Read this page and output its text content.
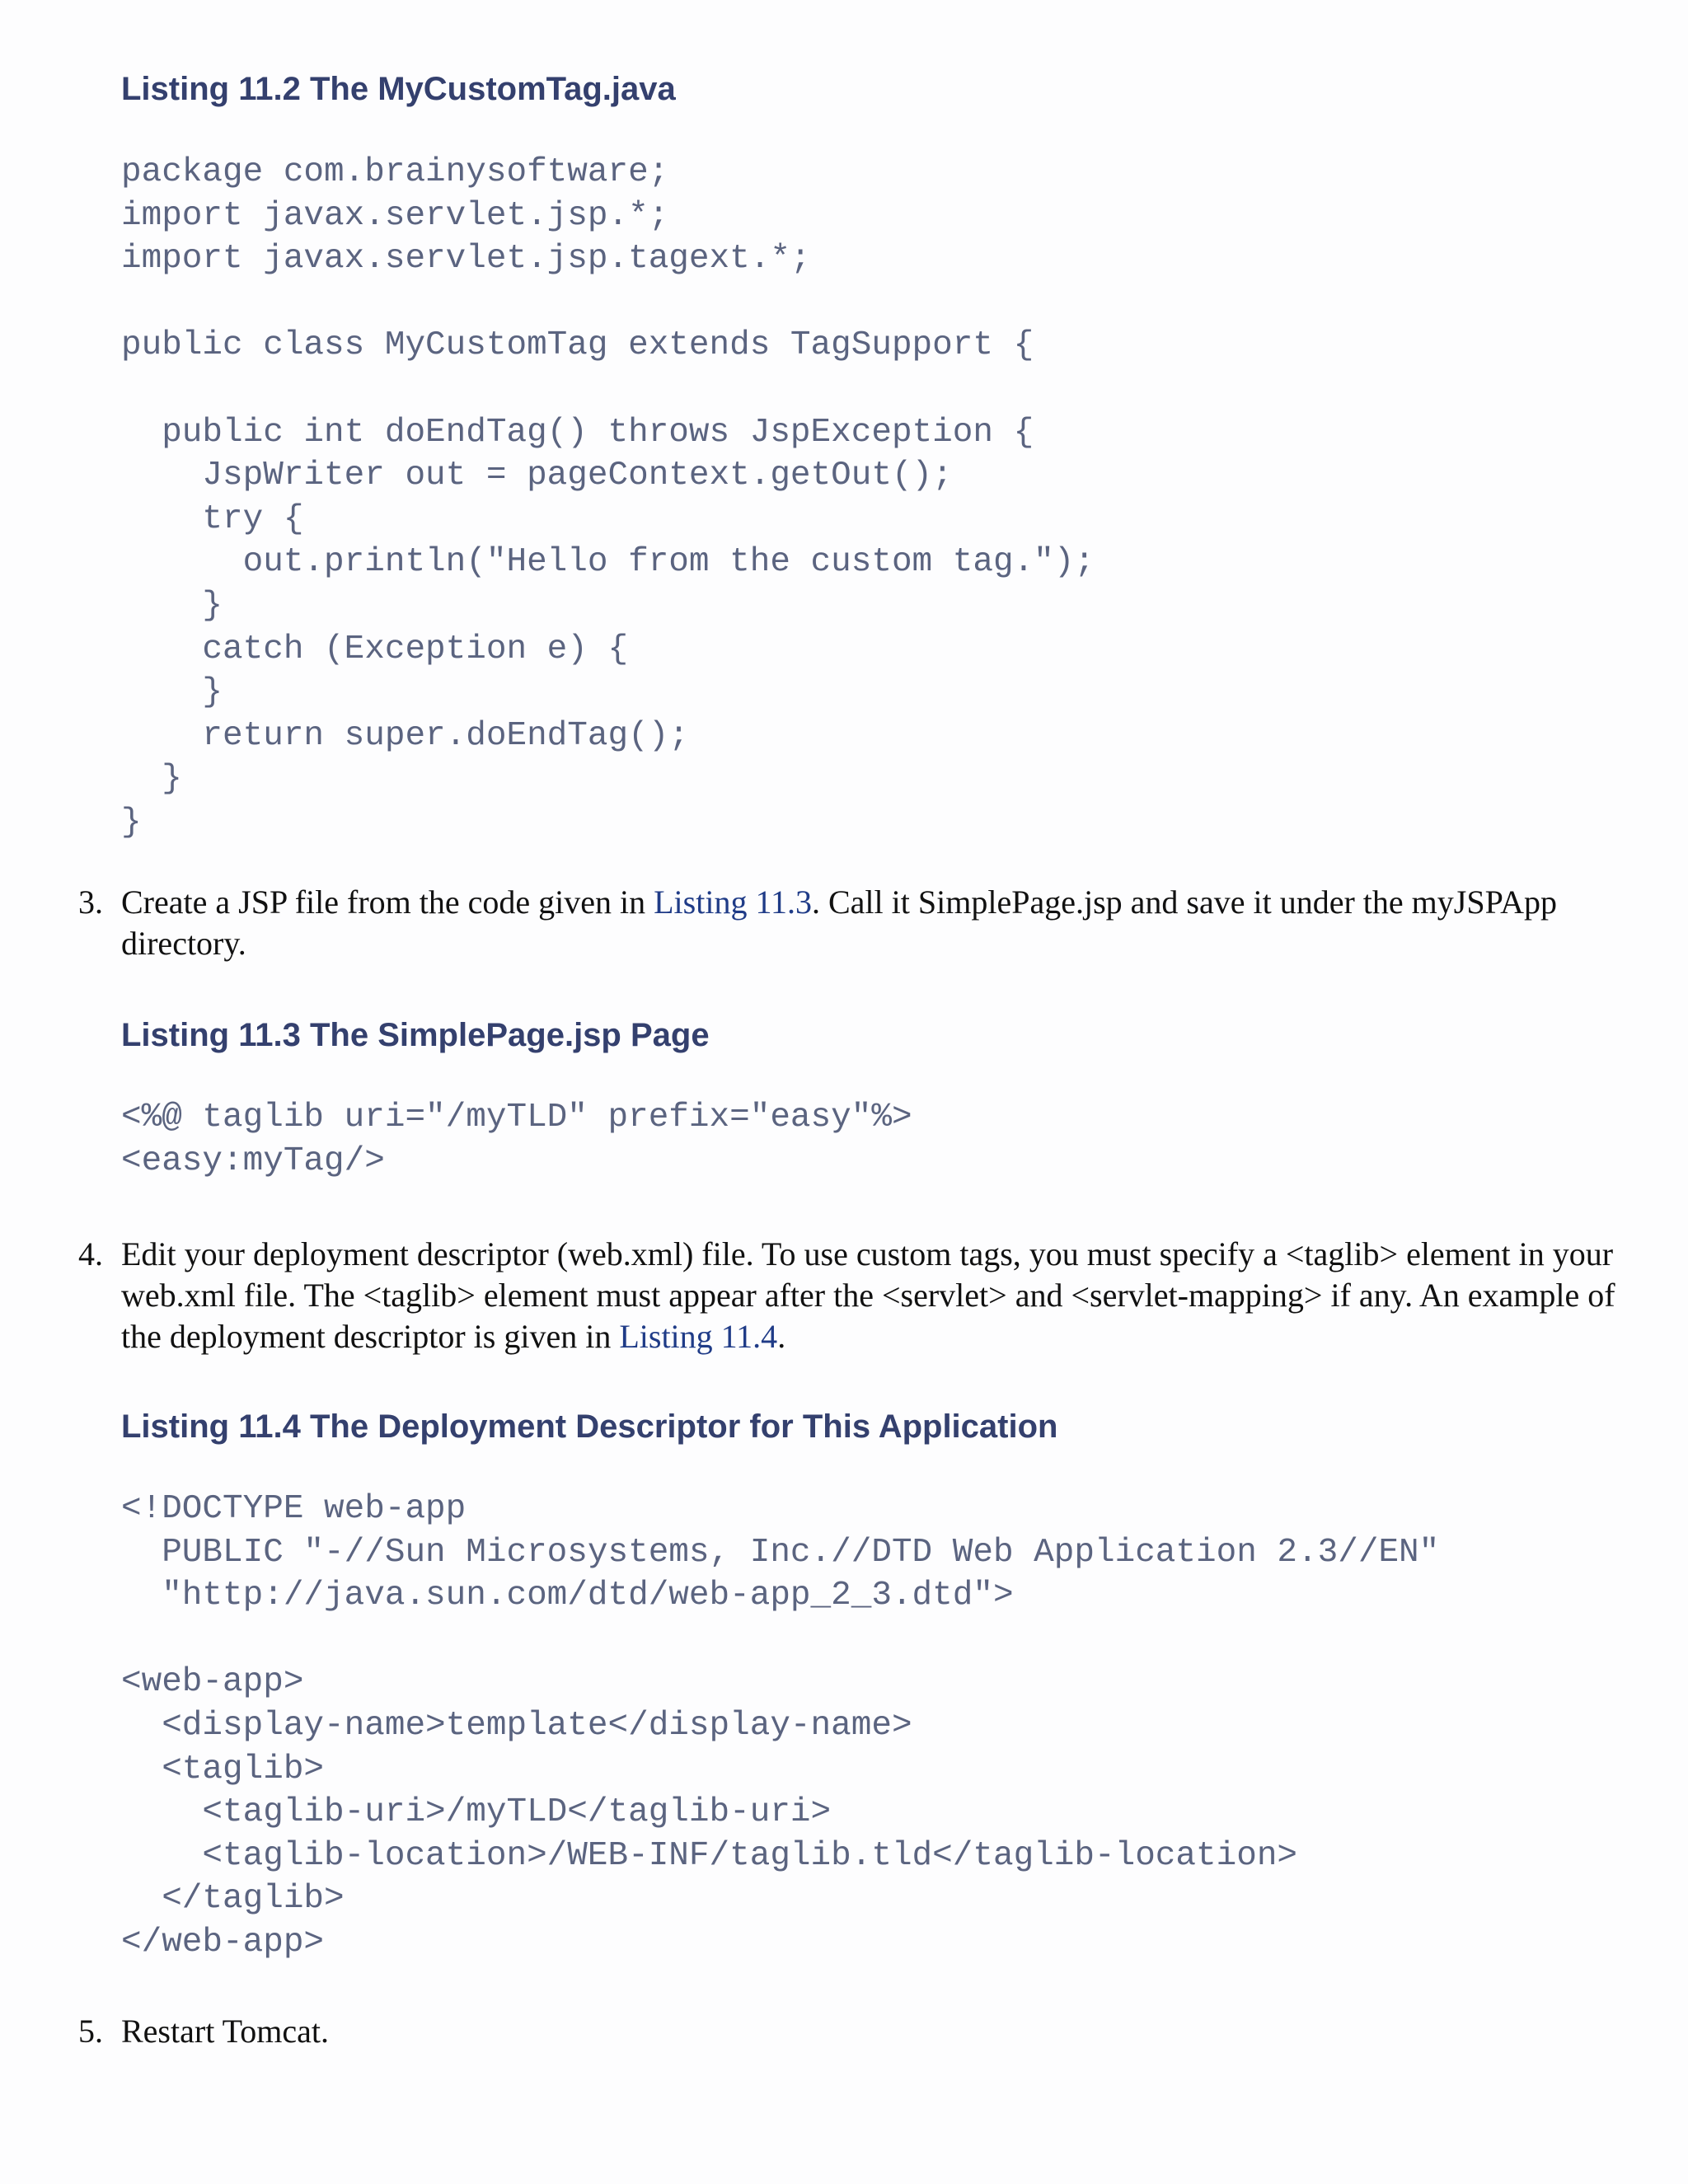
Listing 11.2 The MyCustomTag.java
package com.brainysoftware;
import javax.servlet.jsp.*;
import javax.servlet.jsp.tagext.*;

public class MyCustomTag extends TagSupport {

public int doEndTag() throws JspException {
JspWriter out = pageContext.getOut();
try {
out.println("Hello from the custom tag.");
}
catch (Exception e) {
}
return super.doEndTag();
}
}
3. Create a JSP file from the code given in Listing 11.3. Call it SimplePage.jsp and save it under the myJSPApp directory.
Listing 11.3 The SimplePage.jsp Page
<%@ taglib uri="/myTLD" prefix="easy"%>
<easy:myTag/>
4. Edit your deployment descriptor (web.xml) file. To use custom tags, you must specify a <taglib> element in your web.xml file. The <taglib> element must appear after the <servlet> and <servlet-mapping> if any. An example of the deployment descriptor is given in Listing 11.4.
Listing 11.4 The Deployment Descriptor for This Application
<!DOCTYPE web-app
PUBLIC "-//Sun Microsystems, Inc.//DTD Web Application 2.3//EN"
"http://java.sun.com/dtd/web-app_2_3.dtd">

<web-app>
<display-name>template</display-name>
<taglib>
<taglib-uri>/myTLD</taglib-uri>
<taglib-location>/WEB-INF/taglib.tld</taglib-location>
</taglib>
</web-app>
5. Restart Tomcat.
